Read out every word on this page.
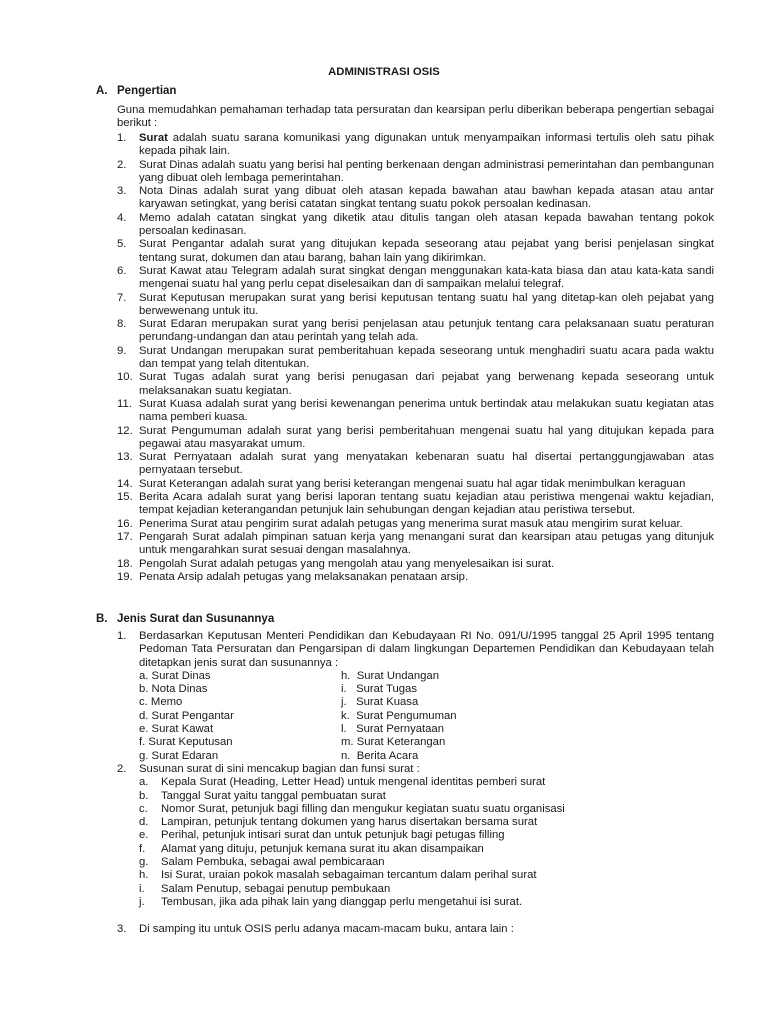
ADMINISTRASI OSIS
A. Pengertian
Guna memudahkan pemahaman terhadap tata persuratan dan kearsipan perlu diberikan beberapa pengertian sebagai berikut :
1. Surat adalah suatu sarana komunikasi yang digunakan untuk menyampaikan informasi tertulis oleh satu pihak kepada pihak lain.
2. Surat Dinas adalah suatu yang berisi hal penting berkenaan dengan administrasi pemerintahan dan pembangunan yang dibuat oleh lembaga pemerintahan.
3. Nota Dinas adalah surat yang dibuat oleh atasan kepada bawahan atau bawhan kepada atasan atau antar karyawan setingkat, yang berisi catatan singkat tentang suatu pokok persoalan kedinasan.
4. Memo adalah catatan singkat yang diketik atau ditulis tangan oleh atasan kepada bawahan tentang pokok persoalan kedinasan.
5. Surat Pengantar adalah surat yang ditujukan kepada seseorang atau pejabat yang berisi penjelasan singkat tentang surat, dokumen dan atau barang, bahan lain yang dikirimkan.
6. Surat Kawat atau Telegram adalah surat singkat dengan menggunakan kata-kata biasa dan atau kata-kata sandi mengenai suatu hal yang perlu cepat diselesaikan dan di sampaikan melalui telegraf.
7. Surat Keputusan merupakan surat yang berisi keputusan tentang suatu hal yang ditetap-kan oleh pejabat yang berwewenang untuk itu.
8. Surat Edaran merupakan surat yang berisi penjelasan atau petunjuk tentang cara pelaksanaan suatu peraturan perundang-undangan dan atau perintah yang telah ada.
9. Surat Undangan merupakan surat pemberitahuan kepada seseorang untuk menghadiri suatu acara pada waktu dan tempat yang telah ditentukan.
10. Surat Tugas adalah surat yang berisi penugasan dari pejabat yang berwenang kepada seseorang untuk melaksanakan suatu kegiatan.
11. Surat Kuasa adalah surat yang berisi kewenangan penerima untuk bertindak atau melakukan suatu kegiatan atas nama pemberi kuasa.
12. Surat Pengumuman adalah surat yang berisi pemberitahuan mengenai suatu hal yang ditujukan kepada para pegawai atau masyarakat umum.
13. Surat Pernyataan adalah surat yang menyatakan kebenaran suatu hal disertai pertanggungjawaban atas pernyataan tersebut.
14. Surat Keterangan adalah surat yang berisi keterangan mengenai suatu hal agar tidak menimbulkan keraguan
15. Berita Acara adalah surat yang berisi laporan tentang suatu kejadian atau peristiwa mengenai waktu kejadian, tempat kejadian keterangandan petunjuk lain sehubungan dengan kejadian atau peristiwa tersebut.
16. Penerima Surat atau pengirim surat adalah petugas yang menerima surat masuk atau mengirim surat keluar.
17. Pengarah Surat adalah pimpinan satuan kerja yang menangani surat dan kearsipan atau petugas yang ditunjuk untuk mengarahkan surat sesuai dengan masalahnya.
18. Pengolah Surat adalah petugas yang mengolah atau yang menyelesaikan isi surat.
19. Penata Arsip adalah petugas yang melaksanakan penataan arsip.
B. Jenis Surat dan Susunannya
1. Berdasarkan Keputusan Menteri Pendidikan dan Kebudayaan RI No. 091/U/1995 tanggal 25 April 1995 tentang Pedoman Tata Persuratan dan Pengarsipan di dalam lingkungan Departemen Pendidikan dan Kebudayaan telah ditetapkan jenis surat dan susunannya :
a. Surat Dinas
b. Nota Dinas
c. Memo
d. Surat Pengantar
e. Surat Kawat
f. Surat Keputusan
g. Surat Edaran
h.  Surat Undangan
i.   Surat Tugas
j.   Surat Kuasa
k.  Surat Pengumuman
l.   Surat Pernyataan
m. Surat Keterangan
n.  Berita Acara
2. Susunan surat di sini mencakup bagian dan funsi surat :
a. Kepala Surat (Heading, Letter Head) untuk mengenal identitas pemberi surat
b. Tanggal Surat yaitu tanggal pembuatan surat
c. Nomor Surat, petunjuk bagi filling dan mengukur kegiatan suatu suatu organisasi
d. Lampiran, petunjuk tentang dokumen yang harus disertakan bersama surat
e. Perihal, petunjuk intisari surat dan untuk petunjuk bagi petugas filling
f. Alamat yang dituju, petunjuk kemana surat itu akan disampaikan
g. Salam Pembuka, sebagai awal pembicaraan
h. Isi Surat, uraian pokok masalah sebagaiman tercantum dalam perihal surat
i. Salam Penutup, sebagai penutup pembukaan
j. Tembusan, jika ada pihak lain yang dianggap perlu mengetahui isi surat.
3. Di samping itu untuk OSIS perlu adanya macam-macam buku, antara lain :
